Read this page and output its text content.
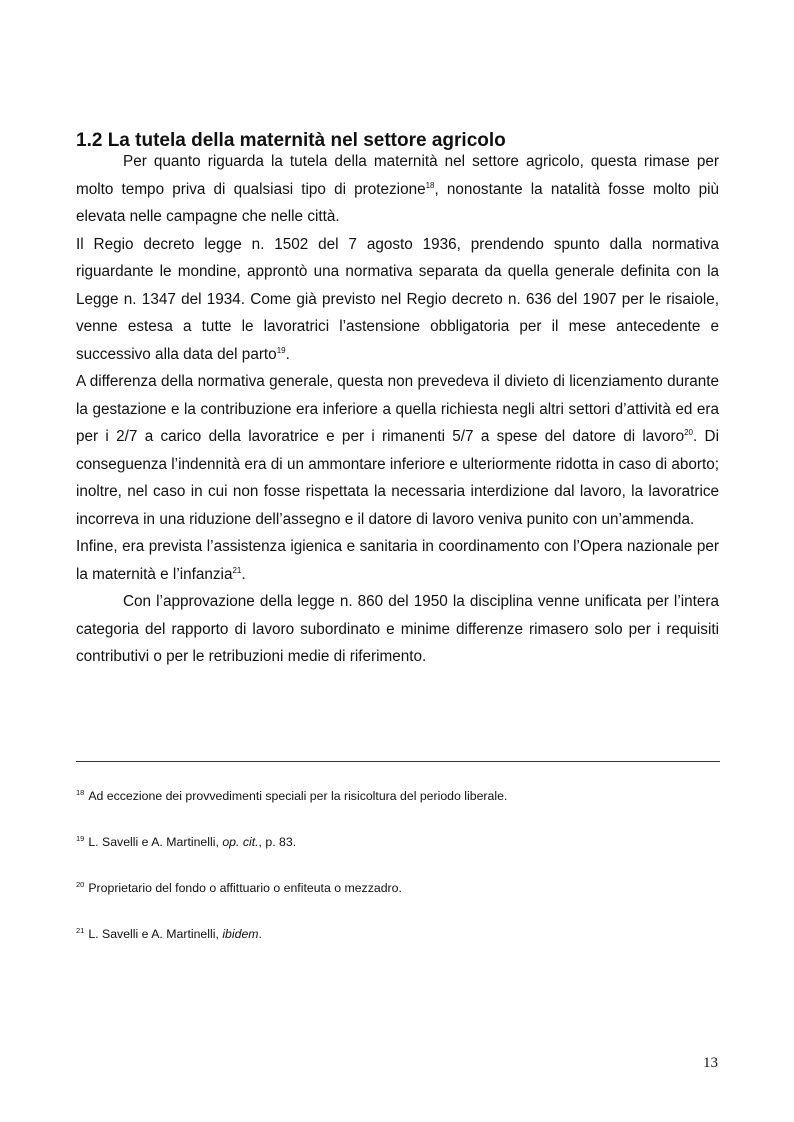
1.2 La tutela della maternità nel settore agricolo

Per quanto riguarda la tutela della maternità nel settore agricolo, questa rimase per molto tempo priva di qualsiasi tipo di protezione$^{18}$, nonostante la natalità fosse molto più elevata nelle campagne che nelle città.

Il Regio decreto legge n. 1502 del 7 agosto 1936, prendendo spunto dalla normativa riguardante le mondine, approntò una normativa separata da quella generale definita con la Legge n. 1347 del 1934. Come già previsto nel Regio decreto n. 636 del 1907 per le risaiole, venne estesa a tutte le lavoratrici l’astensione obbligatoria per il mese antecedente e successivo alla data del parto$^{19}$.

A differenza della normativa generale, questa non prevedeva il divieto di licenziamento durante la gestazione e la contribuzione era inferiore a quella richiesta negli altri settori d’attività ed era per i 2/7 a carico della lavoratrice e per i rimanenti 5/7 a spese del datore di lavoro$^{20}$. Di conseguenza l’indennità era di un ammontare inferiore e ulteriormente ridotta in caso di aborto; inoltre, nel caso in cui non fosse rispettata la necessaria interdizione dal lavoro, la lavoratrice incorreva in una riduzione dell’assegno e il datore di lavoro veniva punito con un’ammenda.

Infine, era prevista l’assistenza igienica e sanitaria in coordinamento con l’Opera nazionale per la maternità e l’infanzia$^{21}$.

Con l’approvazione della legge n. 860 del 1950 la disciplina venne unificata per l’intera categoria del rapporto di lavoro subordinato e minime differenze rimasero solo per i requisiti contributivi o per le retribuzioni medie di riferimento.

$^{18}$ Ad eccezione dei provvedimenti speciali per la risicoltura del periodo liberale.

$^{19}$ L. Savelli e A. Martinelli, op. cit., p. 83.

$^{20}$ Proprietario del fondo o affittuario o enfiteuta o mezzadro.

$^{21}$ L. Savelli e A. Martinelli, ibidem.

13
